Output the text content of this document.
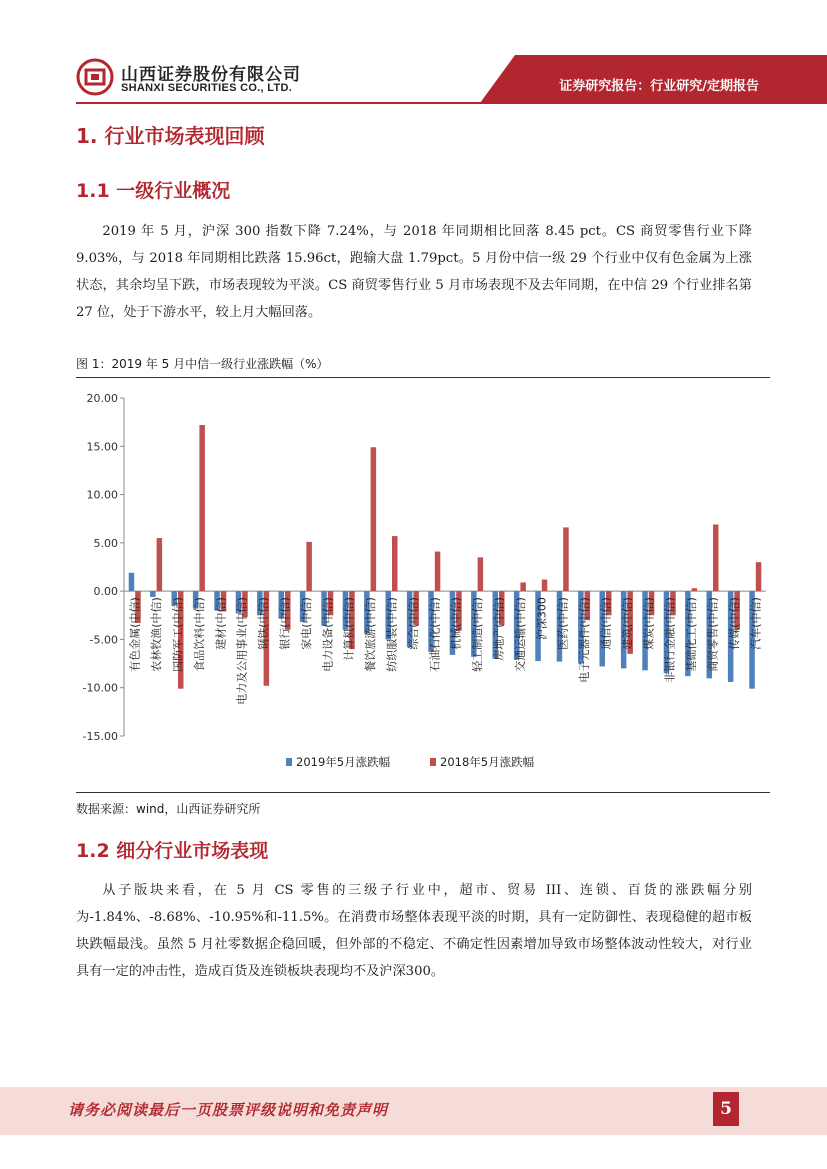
山西证券股份有限公司
SHANXI SECURITIES CO., LTD.	证券研究报告：行业研究/定期报告
1. 行业市场表现回顾
1.1 一级行业概况

2019 年 5 月，沪深 300 指数下降 7.24%，与 2018 年同期相比回落 8.45 pct。CS 商贸零售行业下降 9.03%，与 2018 年同期相比跌落 15.96ct，跑输大盘 1.79pct。5 月份中信一级 29 个行业中仅有色金属为上涨状态，其余均呈下跌，市场表现较为平淡。CS 商贸零售行业 5 月市场表现不及去年同期，在中信 29 个行业排名第 27 位，处于下游水平，较上月大幅回落。

图 1：2019 年 5 月中信一级行业涨跌幅（%）
20.00
15.00
10.00
5.00
0.00
-5.00
-10.00
-15.00
有色金属(中信) 农林牧渔(中信) 国防军工(中信) 食品饮料(中信) 建材(中信) 电力及公用事业(中信) 钢铁(中信) 银行(中信) 家电(中信) 电力设备(中信) 计算机(中信) 餐饮旅游(中信) 纺织服装(中信) 综合(中信) 石油石化(中信) 机械(中信) 轻工制造(中信) 房地产(中信) 交通运输(中信) 沪深300 医药(中信) 电子元器件(中信) 通信(中信) 建筑(中信) 煤炭(中信) 非银行金融(中信) 基础化工(中信) 商贸零售(中信) 传媒(中信) 汽车(中信)
2019年5月涨跌幅	2018年5月涨跌幅
数据来源：wind，山西证券研究所
1.2 细分行业市场表现

从子版块来看，在 5 月 CS 零售的三级子行业中，超市、贸易 III、连锁、百货的涨跌幅分别为-1.84%、-8.68%、-10.95%和-11.5%。在消费市场整体表现平淡的时期，具有一定防御性、表现稳健的超市板块跌幅最浅。虽然 5 月社零数据企稳回暖，但外部的不稳定、不确定性因素增加导致市场整体波动性较大，对行业具有一定的冲击性，造成百货及连锁板块表现均不及沪深300。

请务必阅读最后一页股票评级说明和免责声明	5
